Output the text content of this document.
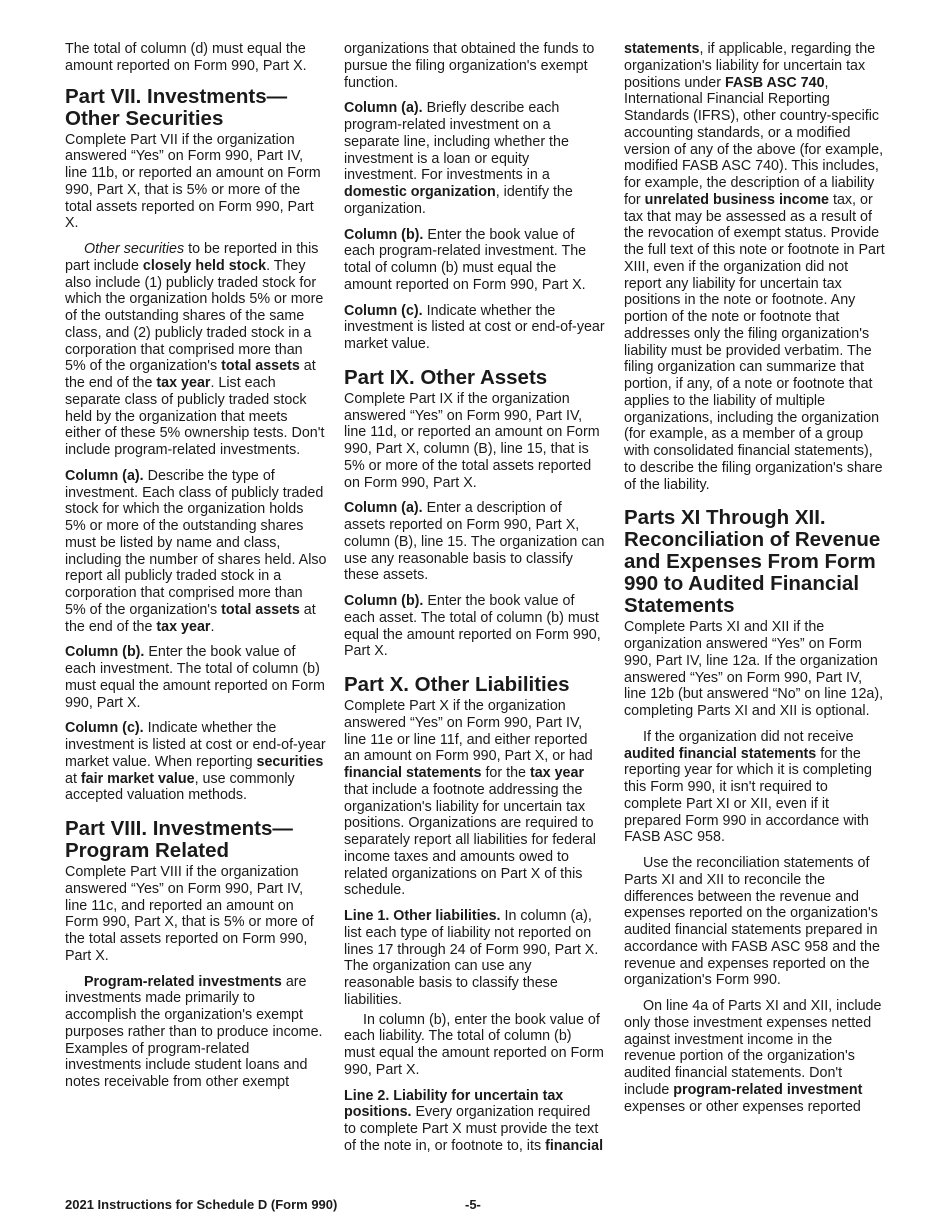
The total of column (d) must equal the amount reported on Form 990, Part X.

Part VII. Investments—Other Securities

Complete Part VII if the organization answered “Yes” on Form 990, Part IV, line 11b, or reported an amount on Form 990, Part X, that is 5% or more of the total assets reported on Form 990, Part X.

Other securities to be reported in this part include closely held stock. They also include (1) publicly traded stock for which the organization holds 5% or more of the outstanding shares of the same class, and (2) publicly traded stock in a corporation that comprised more than 5% of the organization's total assets at the end of the tax year. List each separate class of publicly traded stock held by the organization that meets either of these 5% ownership tests. Don't include program-related investments.

Column (a). Describe the type of investment. Each class of publicly traded stock for which the organization holds 5% or more of the outstanding shares must be listed by name and class, including the number of shares held. Also report all publicly traded stock in a corporation that comprised more than 5% of the organization's total assets at the end of the tax year.

Column (b). Enter the book value of each investment. The total of column (b) must equal the amount reported on Form 990, Part X.

Column (c). Indicate whether the investment is listed at cost or end-of-year market value. When reporting securities at fair market value, use commonly accepted valuation methods.

Part VIII. Investments—Program Related

Complete Part VIII if the organization answered “Yes” on Form 990, Part IV, line 11c, and reported an amount on Form 990, Part X, that is 5% or more of the total assets reported on Form 990, Part X.

Program-related investments are investments made primarily to accomplish the organization's exempt purposes rather than to produce income. Examples of program-related investments include student loans and notes receivable from other exempt

organizations that obtained the funds to pursue the filing organization's exempt function.

Column (a). Briefly describe each program-related investment on a separate line, including whether the investment is a loan or equity investment. For investments in a domestic organization, identify the organization.

Column (b). Enter the book value of each program-related investment. The total of column (b) must equal the amount reported on Form 990, Part X.

Column (c). Indicate whether the investment is listed at cost or end-of-year market value.

Part IX. Other Assets

Complete Part IX if the organization answered “Yes” on Form 990, Part IV, line 11d, or reported an amount on Form 990, Part X, column (B), line 15, that is 5% or more of the total assets reported on Form 990, Part X.

Column (a). Enter a description of assets reported on Form 990, Part X, column (B), line 15. The organization can use any reasonable basis to classify these assets.

Column (b). Enter the book value of each asset. The total of column (b) must equal the amount reported on Form 990, Part X.

Part X. Other Liabilities

Complete Part X if the organization answered “Yes” on Form 990, Part IV, line 11e or line 11f, and either reported an amount on Form 990, Part X, or had financial statements for the tax year that include a footnote addressing the organization's liability for uncertain tax positions. Organizations are required to separately report all liabilities for federal income taxes and amounts owed to related organizations on Part X of this schedule.

Line 1. Other liabilities. In column (a), list each type of liability not reported on lines 17 through 24 of Form 990, Part X. The organization can use any reasonable basis to classify these liabilities.

In column (b), enter the book value of each liability. The total of column (b) must equal the amount reported on Form 990, Part X.

Line 2. Liability for uncertain tax positions. Every organization required to complete Part X must provide the text of the note in, or footnote to, its financial

statements, if applicable, regarding the organization's liability for uncertain tax positions under FASB ASC 740, International Financial Reporting Standards (IFRS), other country-specific accounting standards, or a modified version of any of the above (for example, modified FASB ASC 740). This includes, for example, the description of a liability for unrelated business income tax, or tax that may be assessed as a result of the revocation of exempt status. Provide the full text of this note or footnote in Part XIII, even if the organization did not report any liability for uncertain tax positions in the note or footnote. Any portion of the note or footnote that addresses only the filing organization's liability must be provided verbatim. The filing organization can summarize that portion, if any, of a note or footnote that applies to the liability of multiple organizations, including the organization (for example, as a member of a group with consolidated financial statements), to describe the filing organization's share of the liability.

Parts XI Through XII. Reconciliation of Revenue and Expenses From Form 990 to Audited Financial Statements

Complete Parts XI and XII if the organization answered “Yes” on Form 990, Part IV, line 12a. If the organization answered “Yes” on Form 990, Part IV, line 12b (but answered “No” on line 12a), completing Parts XI and XII is optional.

If the organization did not receive audited financial statements for the reporting year for which it is completing this Form 990, it isn't required to complete Part XI or XII, even if it prepared Form 990 in accordance with FASB ASC 958.

Use the reconciliation statements of Parts XI and XII to reconcile the differences between the revenue and expenses reported on the organization's audited financial statements prepared in accordance with FASB ASC 958 and the revenue and expenses reported on the organization's Form 990.

On line 4a of Parts XI and XII, include only those investment expenses netted against investment income in the revenue portion of the organization's audited financial statements. Don't include program-related investment expenses or other expenses reported

2021 Instructions for Schedule D (Form 990)	-5-
